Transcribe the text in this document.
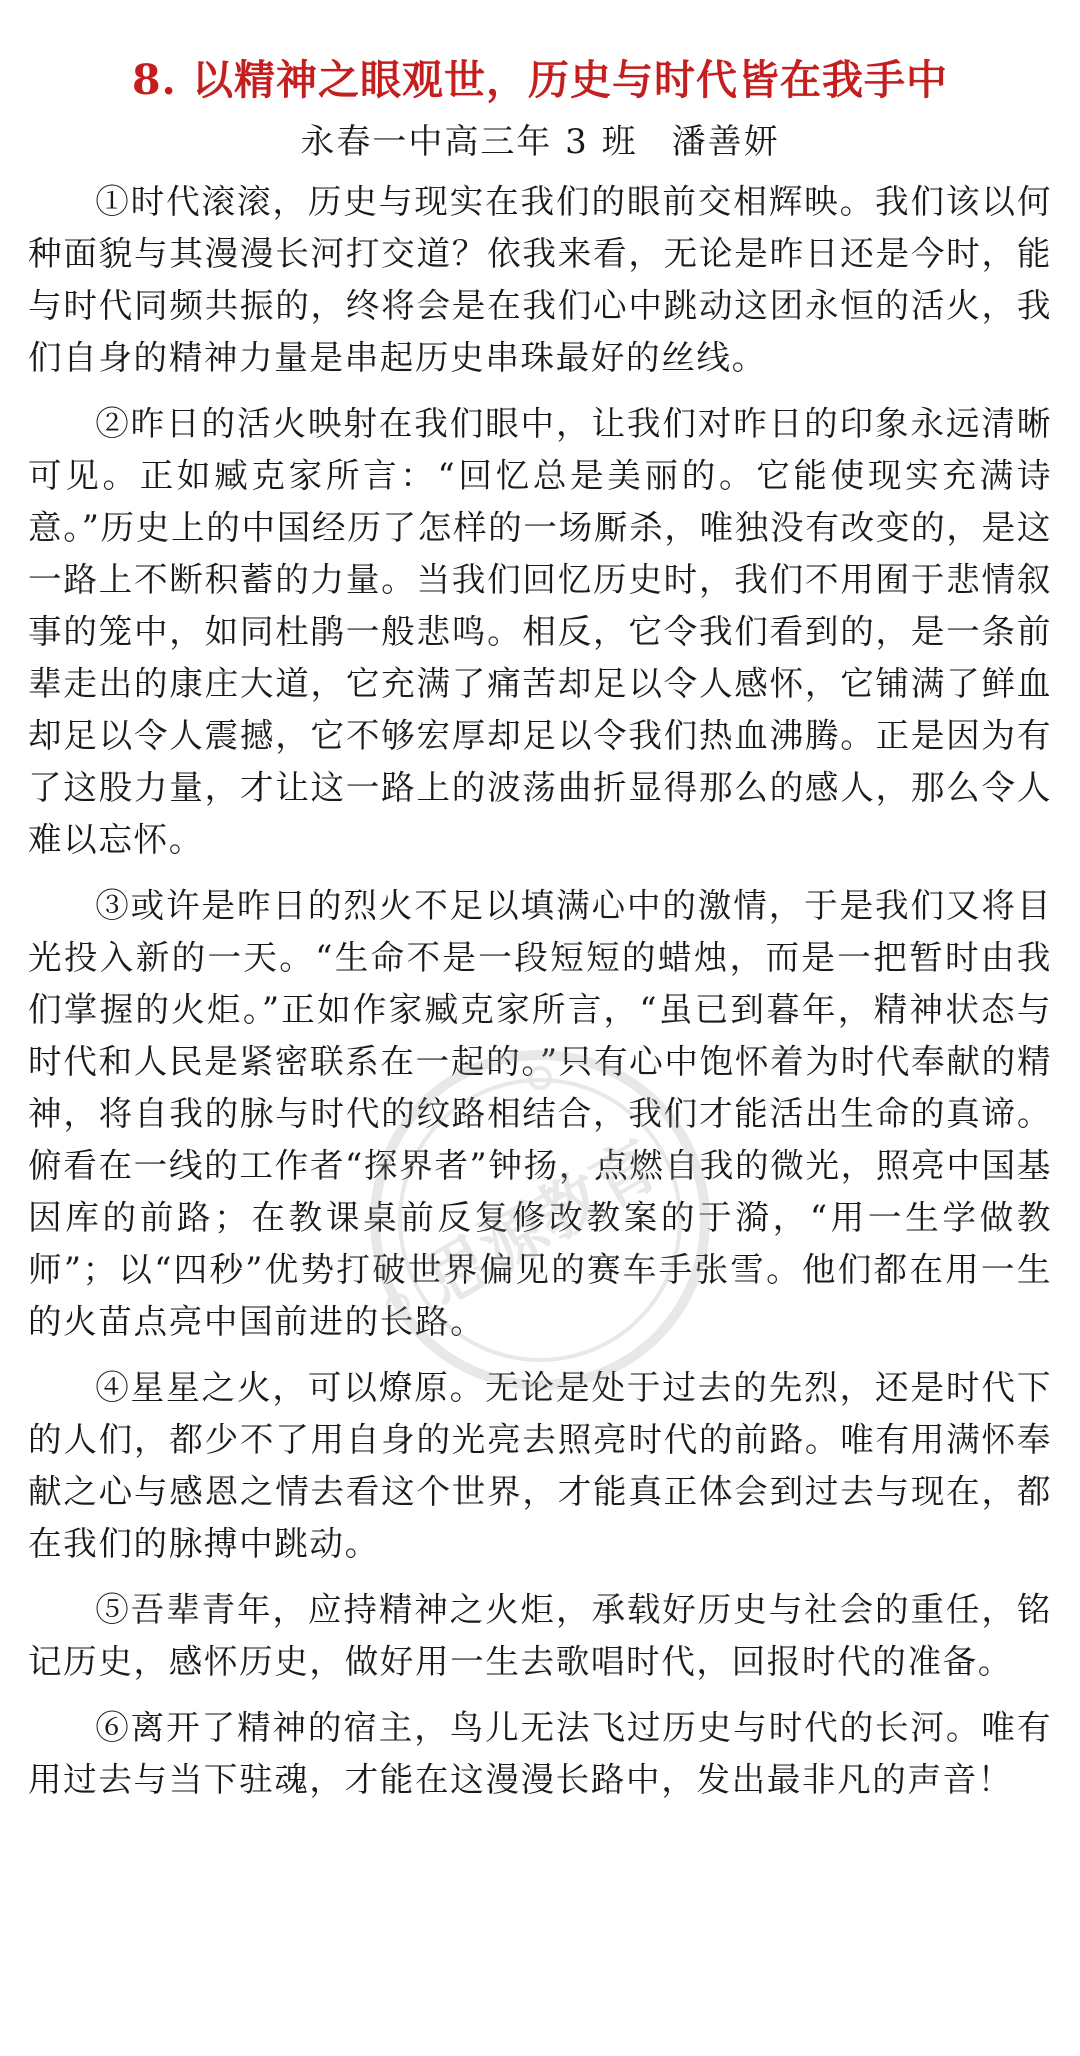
8. 以精神之眼观世，历史与时代皆在我手中

永春一中高三年 3 班 潘善妍

①时代滚滚，历史与现实在我们的眼前交相辉映。我们该以何种面貌与其漫漫长河打交道？依我来看，无论是昨日还是今时，能与时代同频共振的，终将会是在我们心中跳动这团永恒的活火，我们自身的精神力量是串起历史串珠最好的丝线。

②昨日的活火映射在我们眼中，让我们对昨日的印象永远清晰可见。正如臧克家所言：“回忆总是美丽的。它能使现实充满诗意。”历史上的中国经历了怎样的一场厮杀，唯独没有改变的，是这一路上不断积蓄的力量。当我们回忆历史时，我们不用囿于悲情叙事的笼中，如同杜鹃一般悲鸣。相反，它令我们看到的，是一条前辈走出的康庄大道，它充满了痛苦却足以令人感怀，它铺满了鲜血却足以令人震撼，它不够宏厚却足以令我们热血沸腾。正是因为有了这股力量，才让这一路上的波荡曲折显得那么的感人，那么令人难以忘怀。

③或许是昨日的烈火不足以填满心中的激情，于是我们又将目光投入新的一天。“生命不是一段短短的蜡烛，而是一把暂时由我们掌握的火炬。”正如作家臧克家所言，“虽已到暮年，精神状态与时代和人民是紧密联系在一起的。”只有心中饱怀着为时代奉献的精神，将自我的脉与时代的纹路相结合，我们才能活出生命的真谛。俯看在一线的工作者“探界者”钟扬，点燃自我的微光，照亮中国基因库的前路；在教课桌前反复修改教案的于漪，“用一生学做教师”；以“四秒”优势打破世界偏见的赛车手张雪。他们都在用一生的火苗点亮中国前进的长路。

④星星之火，可以燎原。无论是处于过去的先烈，还是时代下的人们，都少不了用自身的光亮去照亮时代的前路。唯有用满怀奉献之心与感恩之情去看这个世界，才能真正体会到过去与现在，都在我们的脉搏中跳动。

⑤吾辈青年，应持精神之火炬，承载好历史与社会的重任，铭记历史，感怀历史，做好用一生去歌唱时代，回报时代的准备。

⑥离开了精神的宿主，鸟儿无法飞过历史与时代的长河。唯有用过去与当下驻魂，才能在这漫漫长路中，发出最非凡的声音！

思源教育
